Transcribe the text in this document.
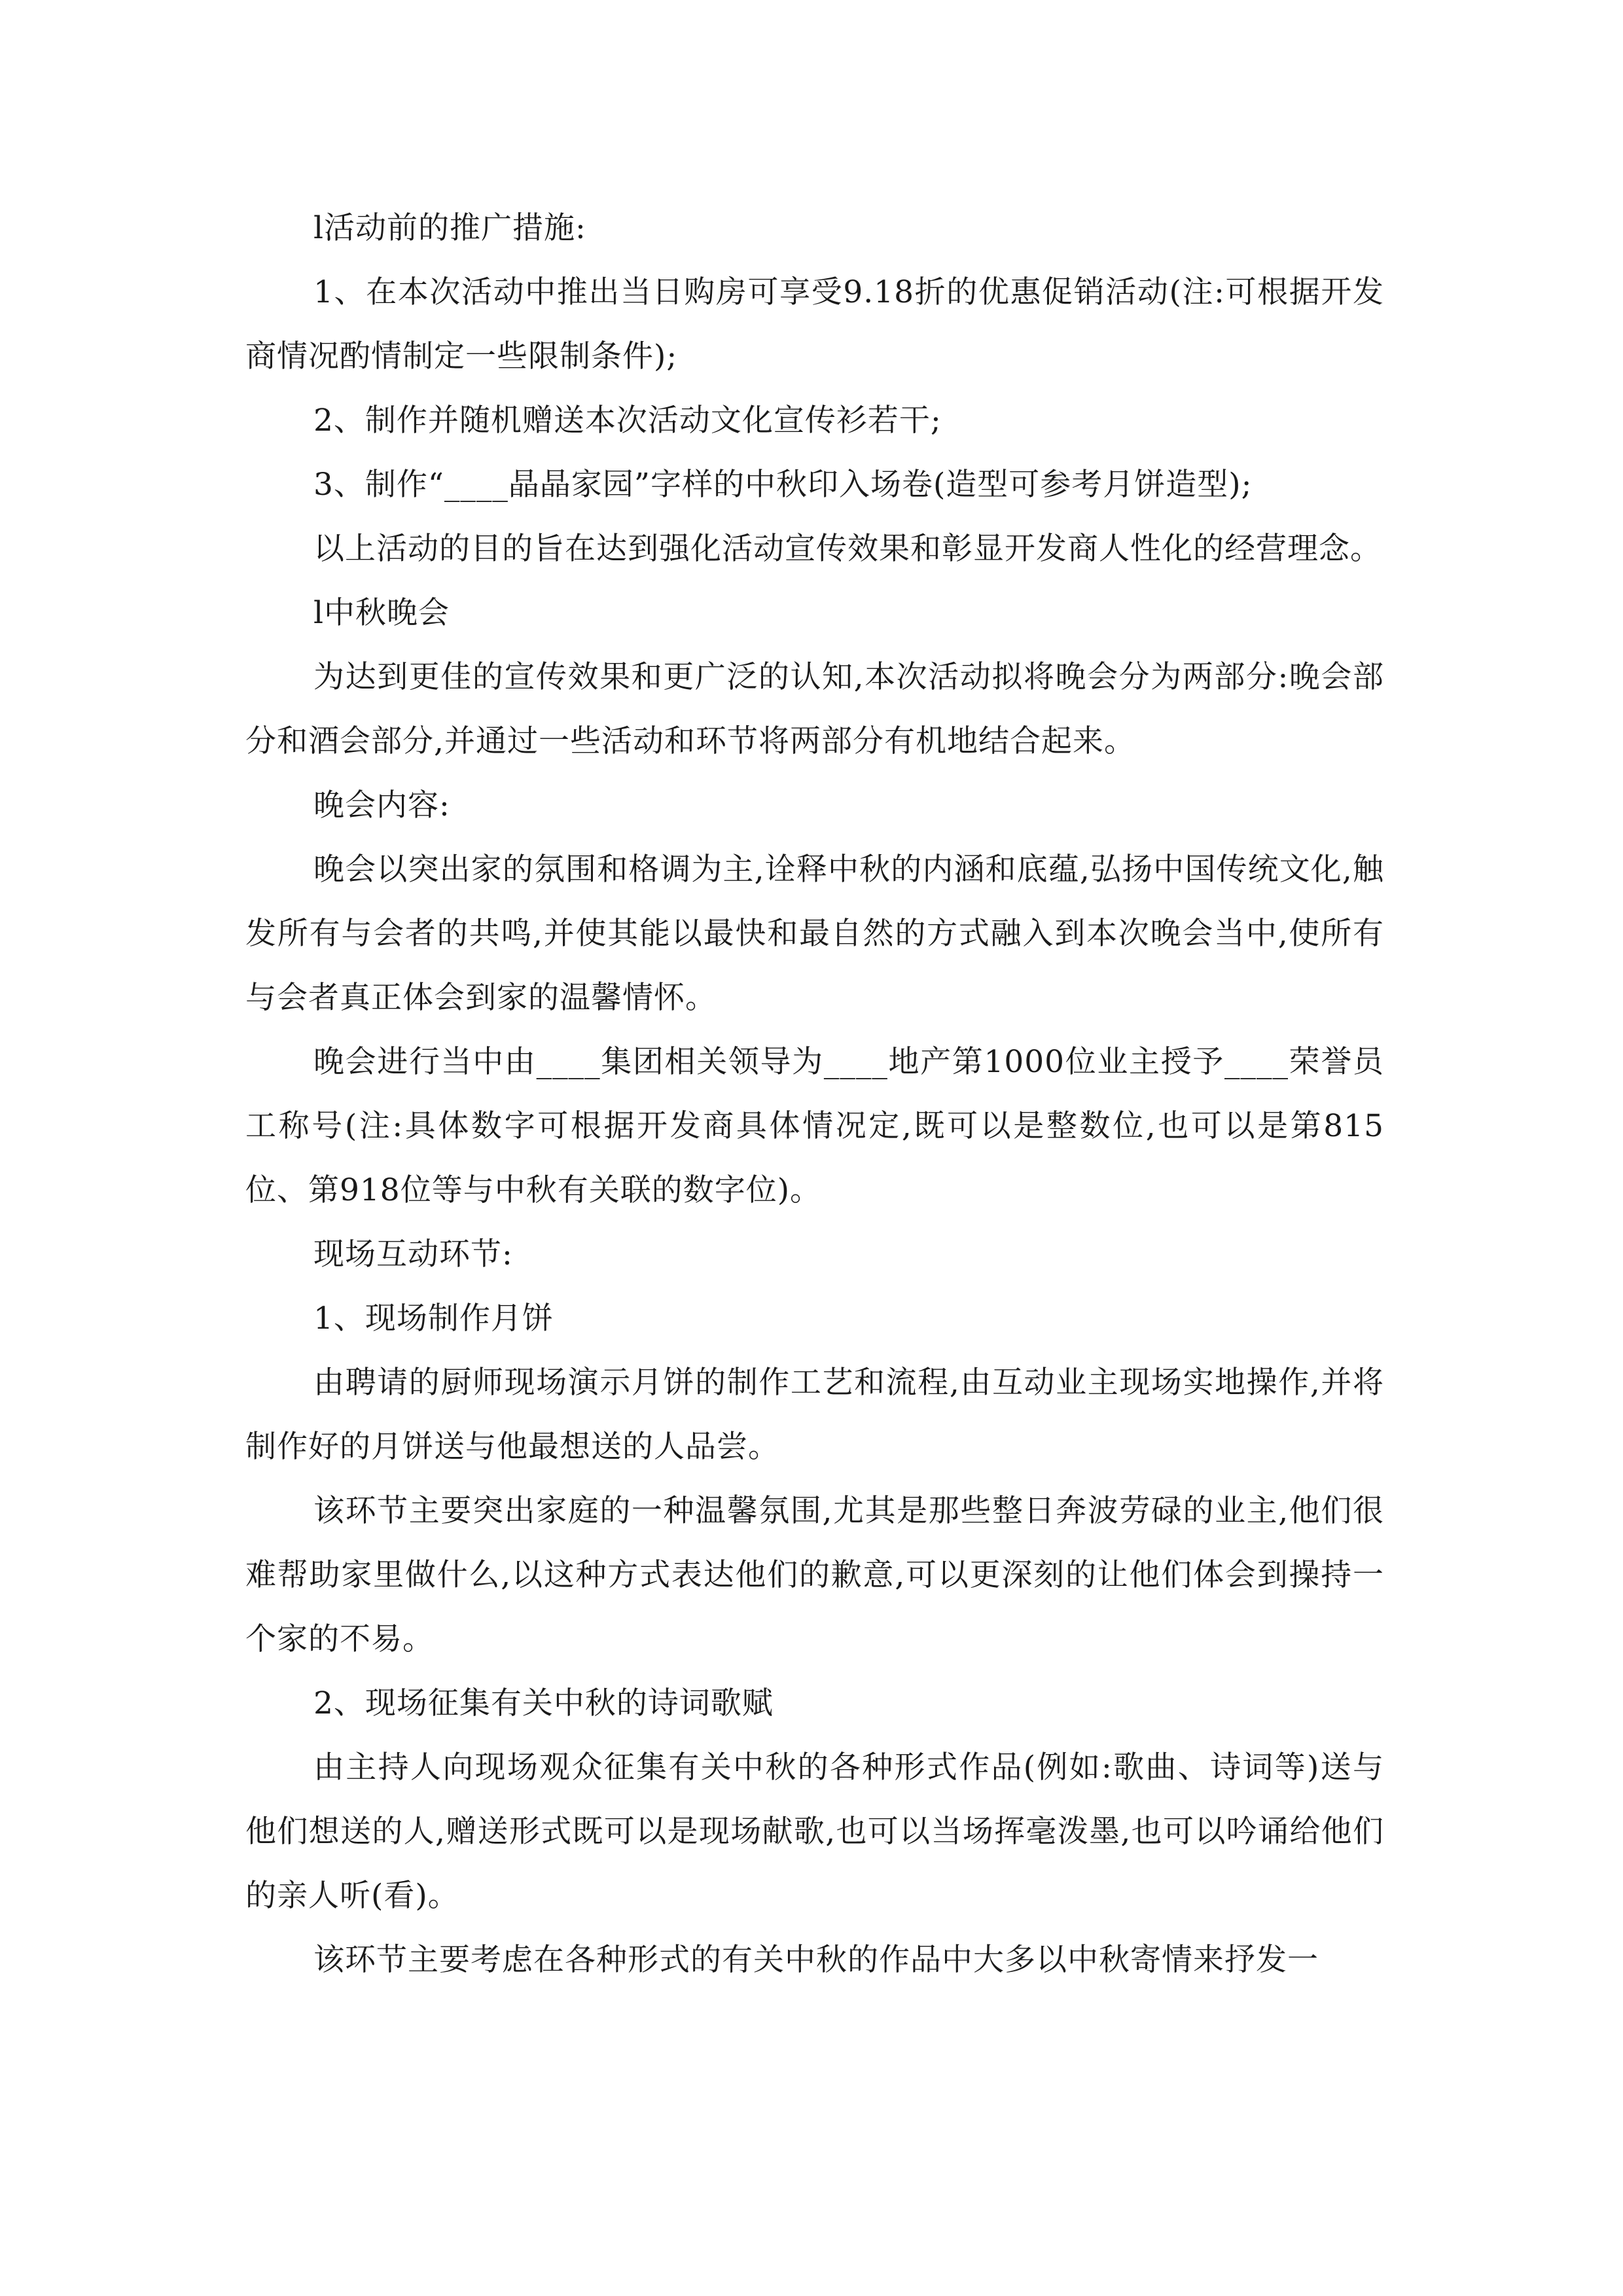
l活动前的推广措施:

1、在本次活动中推出当日购房可享受9.18折的优惠促销活动(注:可根据开发商情况酌情制定一些限制条件);

2、制作并随机赠送本次活动文化宣传衫若干;

3、制作“____晶晶家园”字样的中秋印入场卷(造型可参考月饼造型);

以上活动的目的旨在达到强化活动宣传效果和彰显开发商人性化的经营理念。

l中秋晚会

为达到更佳的宣传效果和更广泛的认知,本次活动拟将晚会分为两部分:晚会部分和酒会部分,并通过一些活动和环节将两部分有机地结合起来。

晚会内容:

晚会以突出家的氛围和格调为主,诠释中秋的内涵和底蕴,弘扬中国传统文化,触发所有与会者的共鸣,并使其能以最快和最自然的方式融入到本次晚会当中,使所有与会者真正体会到家的温馨情怀。

晚会进行当中由____集团相关领导为____地产第1000位业主授予____荣誉员工称号(注:具体数字可根据开发商具体情况定,既可以是整数位,也可以是第815位、第918位等与中秋有关联的数字位)。

现场互动环节:

1、现场制作月饼

由聘请的厨师现场演示月饼的制作工艺和流程,由互动业主现场实地操作,并将制作好的月饼送与他最想送的人品尝。

该环节主要突出家庭的一种温馨氛围,尤其是那些整日奔波劳碌的业主,他们很难帮助家里做什么,以这种方式表达他们的歉意,可以更深刻的让他们体会到操持一个家的不易。

2、现场征集有关中秋的诗词歌赋

由主持人向现场观众征集有关中秋的各种形式作品(例如:歌曲、诗词等)送与他们想送的人,赠送形式既可以是现场献歌,也可以当场挥毫泼墨,也可以吟诵给他们的亲人听(看)。

该环节主要考虑在各种形式的有关中秋的作品中大多以中秋寄情来抒发一
